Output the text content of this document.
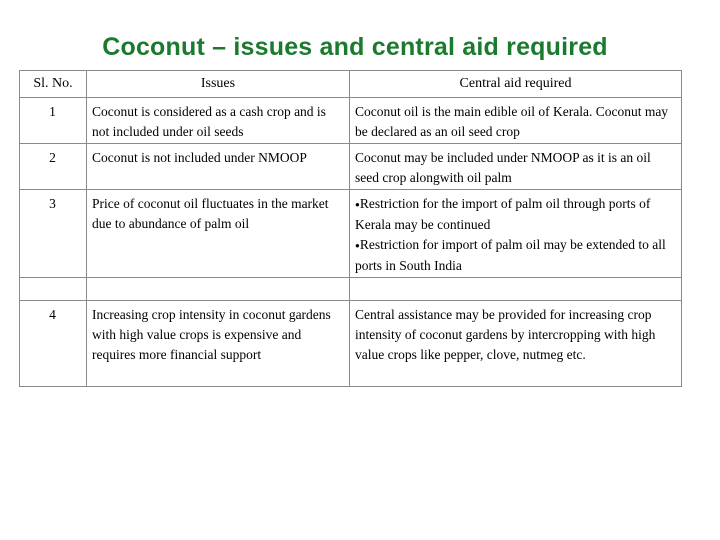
Coconut – issues and central aid required
Sl. No.	Issues	Central aid required
1	Coconut is considered as a cash crop and is not included under oil seeds	Coconut oil is the main edible oil of Kerala. Coconut may be declared as an oil seed crop
2	Coconut is not included under NMOOP	Coconut may be included under NMOOP as it is an oil seed crop alongwith oil palm
3	Price of coconut oil fluctuates in the market due to abundance of palm oil	●Restriction for the import of palm oil through ports of Kerala may be continued
●Restriction for import of palm oil may be extended to all ports in South India

4	Increasing crop intensity in coconut gardens with high value crops is expensive and requires more financial support	Central assistance may be provided for increasing crop intensity of coconut gardens by intercropping with high value crops like pepper, clove, nutmeg etc.
